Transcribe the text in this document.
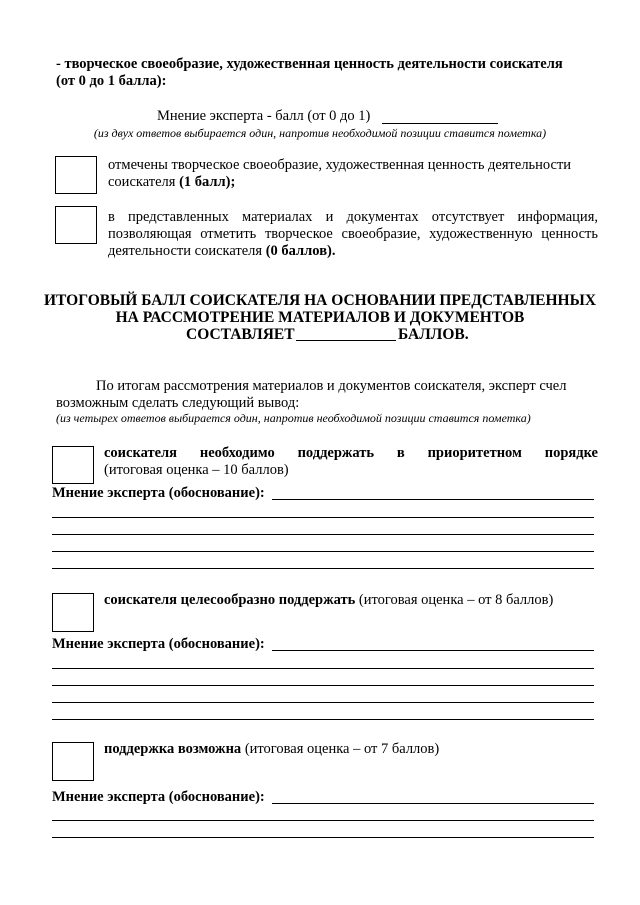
- творческое своеобразие, художественная ценность деятельности соискателя
(от 0 до 1 балла):
Мнение эксперта - балл (от 0 до 1)
(из двух ответов выбирается один, напротив необходимой позиции ставится пометка)
отмечены творческое своеобразие, художественная ценность деятельности
соискателя (1 балл);
в представленных материалах и документах отсутствует информация,
позволяющая отметить творческое своеобразие, художественную ценность
деятельности соискателя (0 баллов).
ИТОГОВЫЙ БАЛЛ СОИСКАТЕЛЯ НА ОСНОВАНИИ ПРЕДСТАВЛЕННЫХ
НА РАССМОТРЕНИЕ МАТЕРИАЛОВ И ДОКУМЕНТОВ
СОСТАВЛЯЕТ	БАЛЛОВ.
По итогам рассмотрения материалов и документов соискателя, эксперт счел
возможным сделать следующий вывод:
(из четырех ответов выбирается один, напротив необходимой позиции ставится пометка)
соискателя необходимо поддержать в приоритетном порядке
(итоговая оценка – 10 баллов)
Мнение эксперта (обоснование):
соискателя целесообразно поддержать (итоговая оценка – от 8 баллов)
Мнение эксперта (обоснование):
поддержка возможна (итоговая оценка – от 7 баллов)
Мнение эксперта (обоснование):
